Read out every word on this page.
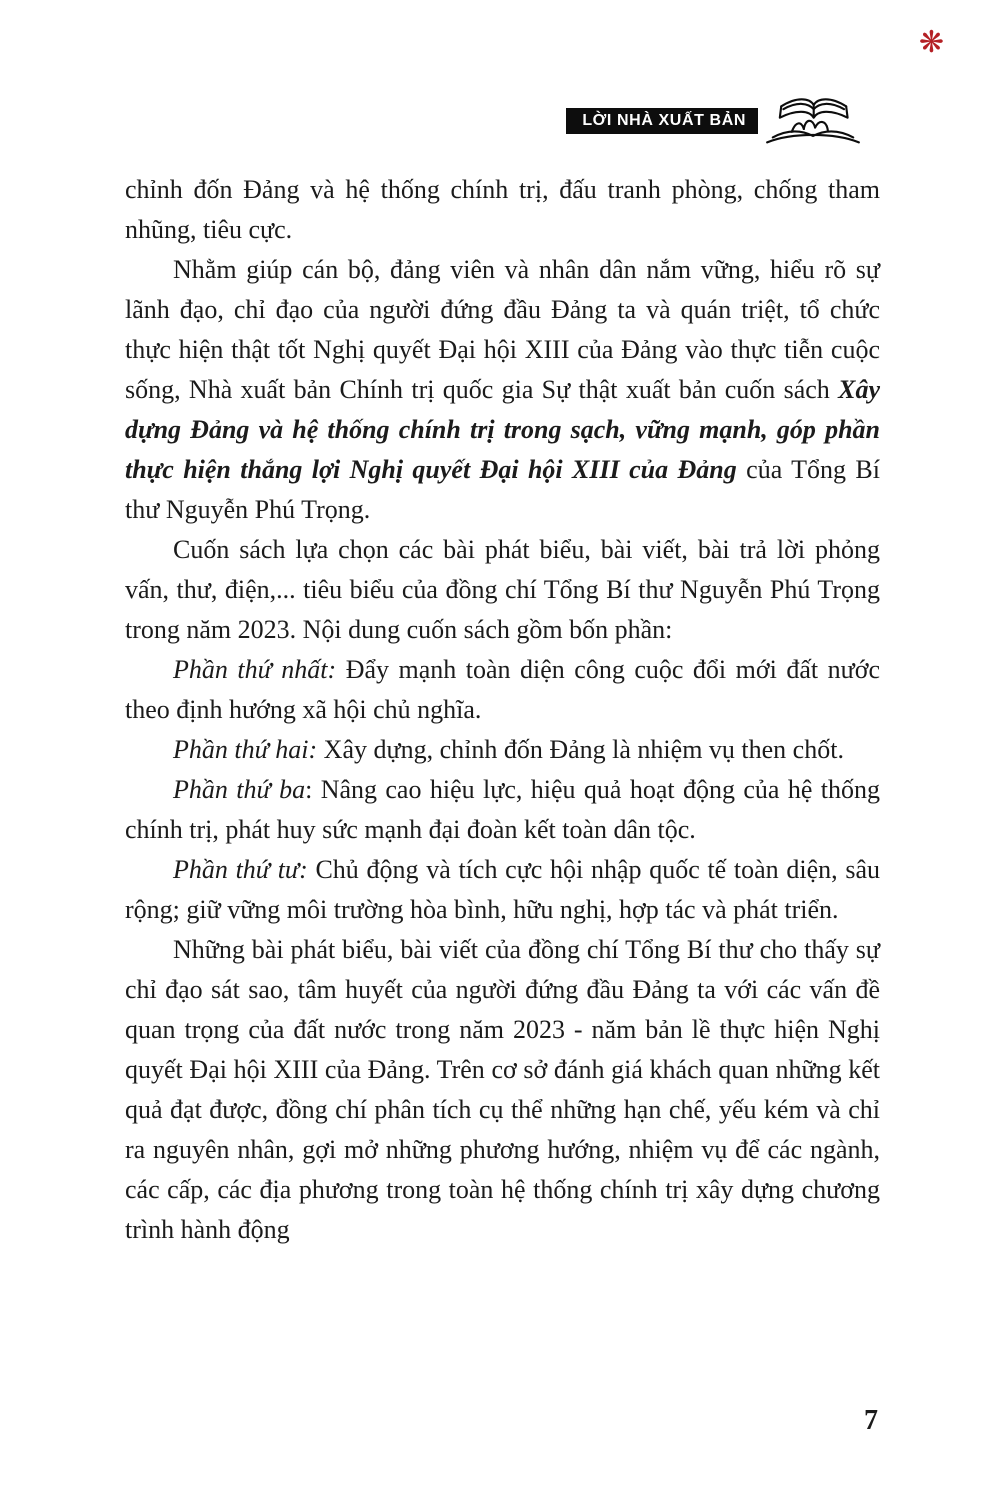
❋
LỜI NHÀ XUẤT BẢN

chỉnh đốn Đảng và hệ thống chính trị, đấu tranh phòng, chống tham nhũng, tiêu cực.

Nhằm giúp cán bộ, đảng viên và nhân dân nắm vững, hiểu rõ sự lãnh đạo, chỉ đạo của người đứng đầu Đảng ta và quán triệt, tổ chức thực hiện thật tốt Nghị quyết Đại hội XIII của Đảng vào thực tiễn cuộc sống, Nhà xuất bản Chính trị quốc gia Sự thật xuất bản cuốn sách Xây dựng Đảng và hệ thống chính trị trong sạch, vững mạnh, góp phần thực hiện thắng lợi Nghị quyết Đại hội XIII của Đảng của Tổng Bí thư Nguyễn Phú Trọng.

Cuốn sách lựa chọn các bài phát biểu, bài viết, bài trả lời phỏng vấn, thư, điện,... tiêu biểu của đồng chí Tổng Bí thư Nguyễn Phú Trọng trong năm 2023. Nội dung cuốn sách gồm bốn phần:

Phần thứ nhất: Đẩy mạnh toàn diện công cuộc đổi mới đất nước theo định hướng xã hội chủ nghĩa.

Phần thứ hai: Xây dựng, chỉnh đốn Đảng là nhiệm vụ then chốt.

Phần thứ ba: Nâng cao hiệu lực, hiệu quả hoạt động của hệ thống chính trị, phát huy sức mạnh đại đoàn kết toàn dân tộc.

Phần thứ tư: Chủ động và tích cực hội nhập quốc tế toàn diện, sâu rộng; giữ vững môi trường hòa bình, hữu nghị, hợp tác và phát triển.

Những bài phát biểu, bài viết của đồng chí Tổng Bí thư cho thấy sự chỉ đạo sát sao, tâm huyết của người đứng đầu Đảng ta với các vấn đề quan trọng của đất nước trong năm 2023 - năm bản lề thực hiện Nghị quyết Đại hội XIII của Đảng. Trên cơ sở đánh giá khách quan những kết quả đạt được, đồng chí phân tích cụ thể những hạn chế, yếu kém và chỉ ra nguyên nhân, gợi mở những phương hướng, nhiệm vụ để các ngành, các cấp, các địa phương trong toàn hệ thống chính trị xây dựng chương trình hành động

7
